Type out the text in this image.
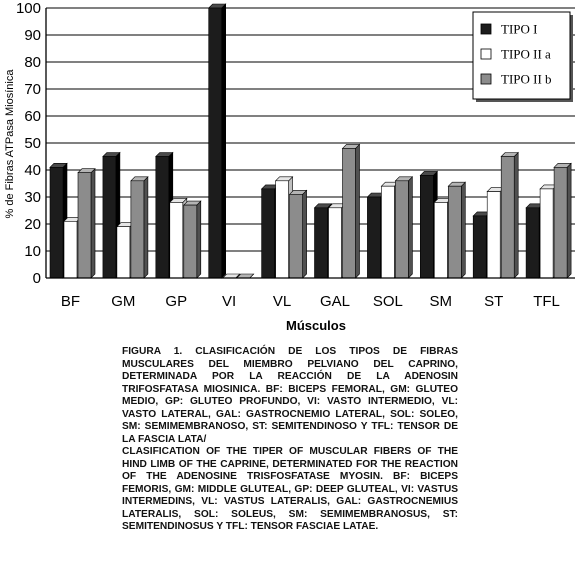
0
10
20
30
40
50
60
70
80
90
100
BF GM GP VI VL GAL SOL SM ST TFL
% de Fibras ATPasa Miosínica
Músculos
TIPO I
TIPO II a
TIPO II b
FIGURA 1. CLASIFICACIÓN DE LOS TIPOS DE FIBRAS MUSCULARES DEL MIEMBRO PELVIANO DEL CAPRINO, DETERMINADA POR LA REACCIÓN DE LA ADENOSIN TRIFOSFATASA MIOSINICA. BF: BICEPS FEMORAL, GM: GLUTEO MEDIO, GP: GLUTEO PROFUNDO, VI: VASTO INTERMEDIO, VL: VASTO LATERAL, GAL: GASTROCNEMIO LATERAL, SOL: SOLEO, SM: SEMIMEMBRANOSO, ST: SEMITENDINOSO Y TFL: TENSOR DE LA FASCIA LATA/
CLASIFICATION OF THE TIPER OF MUSCULAR FIBERS OF THE HIND LIMB OF THE CAPRINE, DETERMINATED FOR THE REACTION OF THE ADENOSINE TRISFOSFATASE MYOSIN. BF: BICEPS FEMORIS, GM: MIDDLE GLUTEAL, GP: DEEP GLUTEAL, VI: VASTUS INTERMEDINS, VL: VASTUS LATERALIS, GAL: GASTROCNEMIUS LATERALIS, SOL: SOLEUS, SM: SEMIMEMBRANOSUS, ST: SEMITENDINOSUS Y TFL: TENSOR FASCIAE LATAE.
